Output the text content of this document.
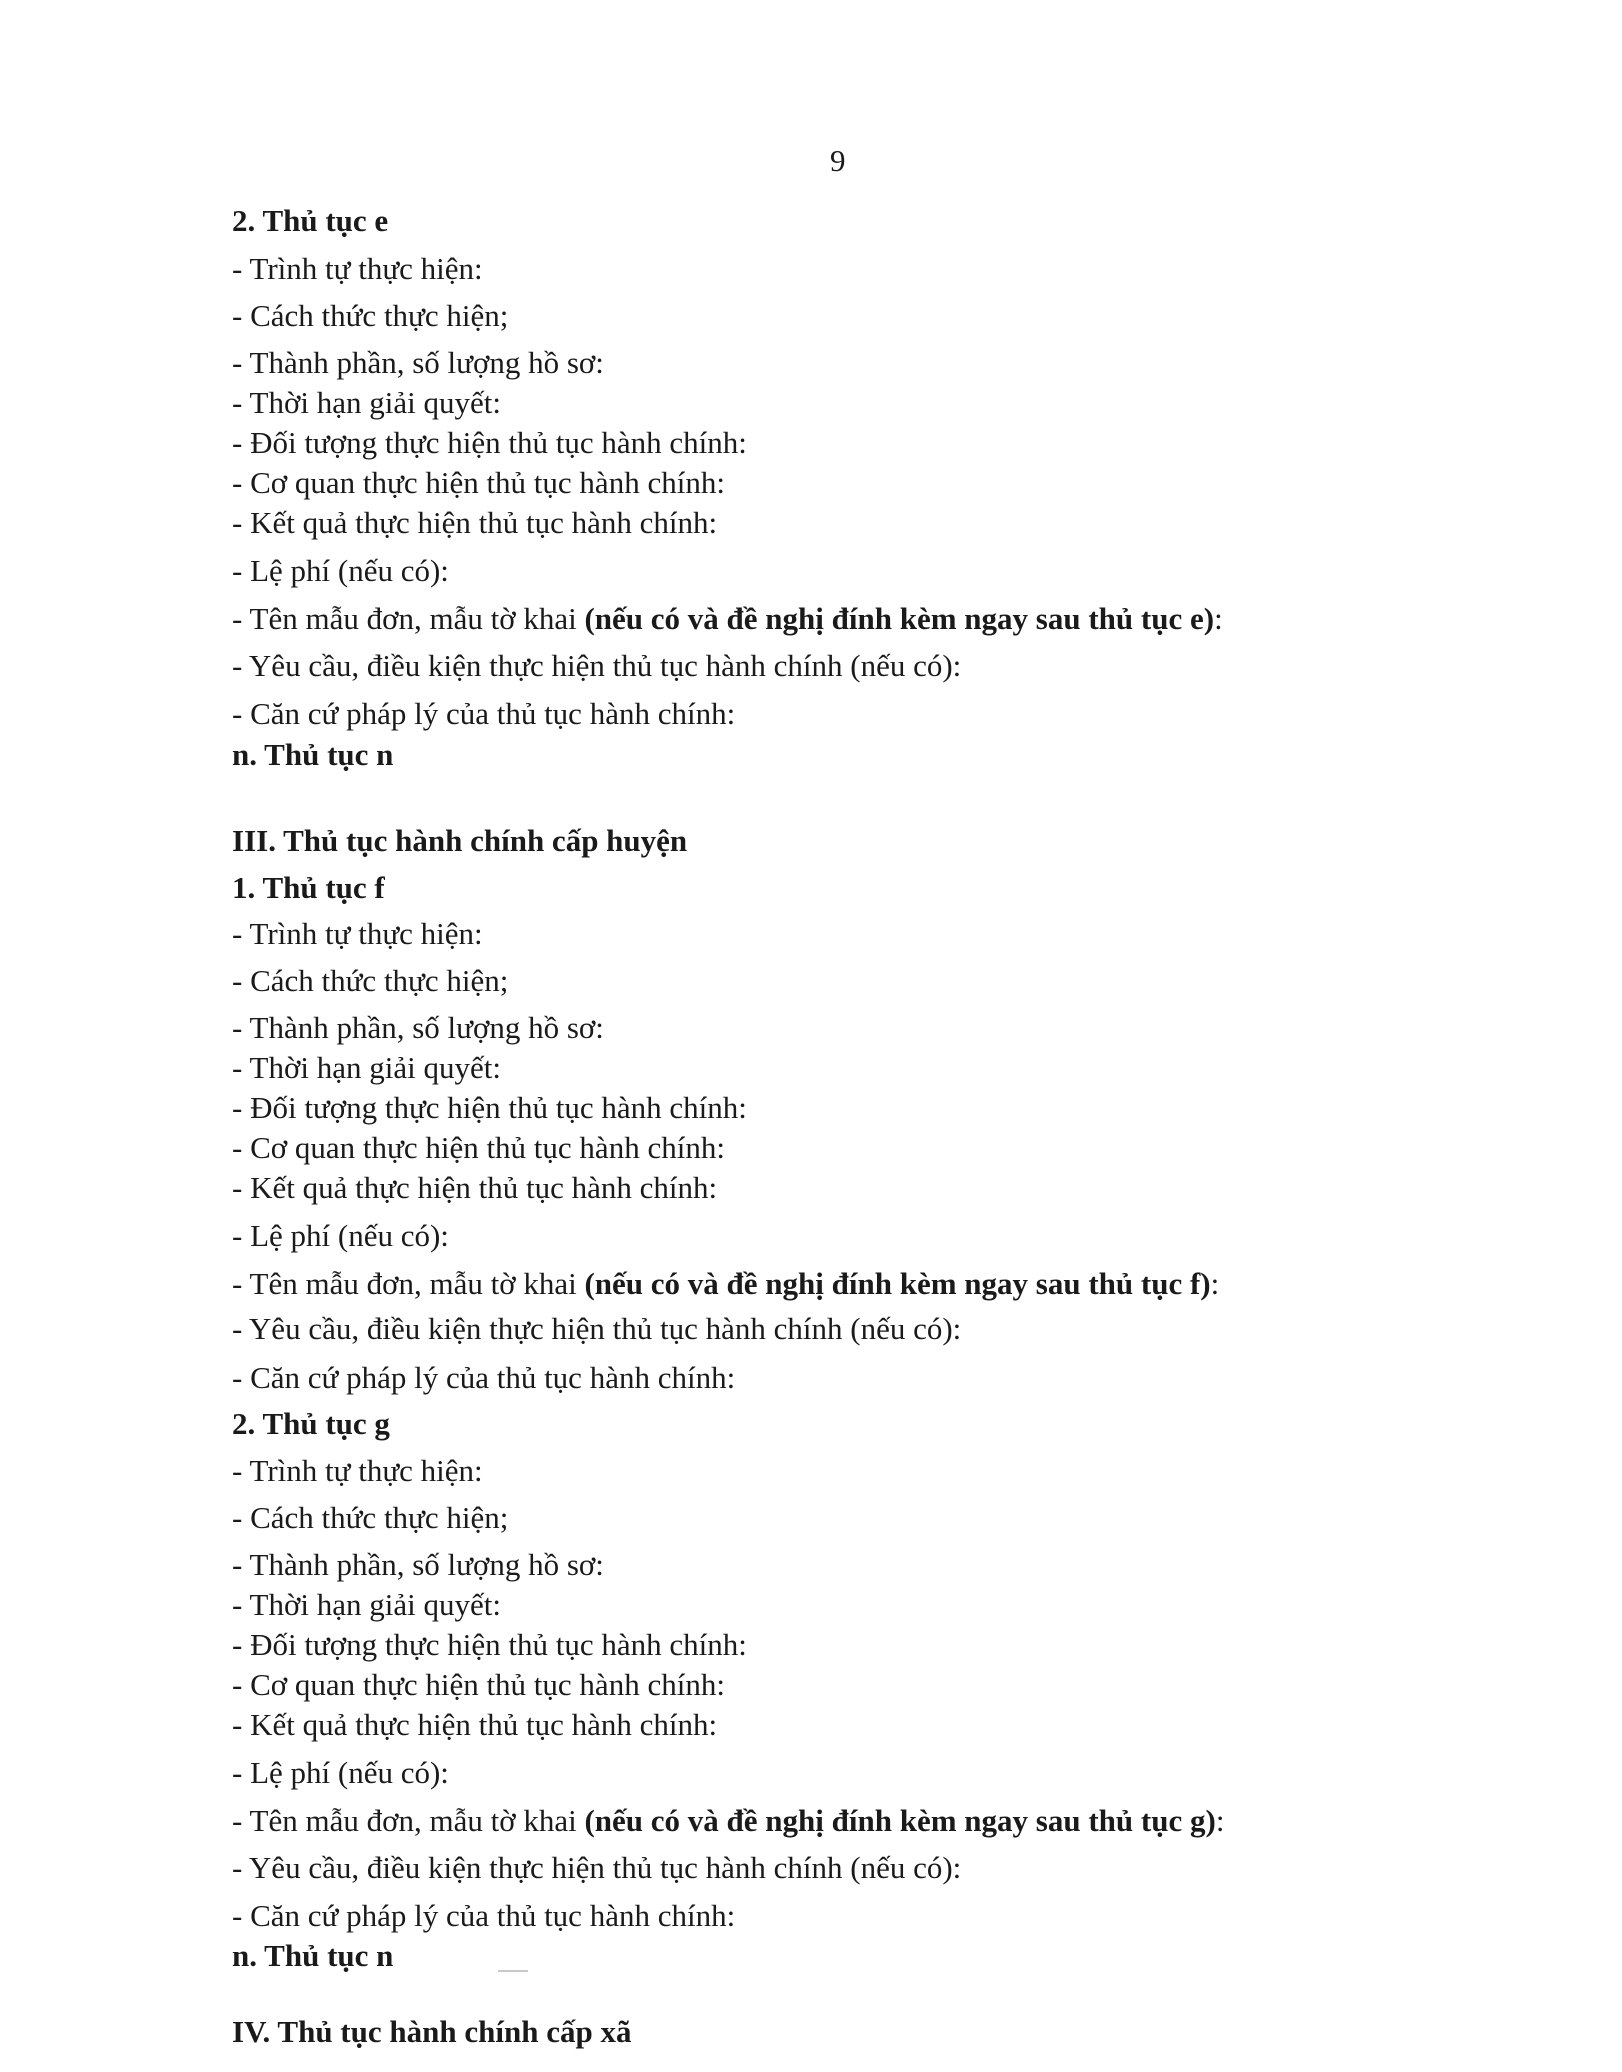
9
2. Thủ tục e
- Trình tự thực hiện:
- Cách thức thực hiện;
- Thành phần, số lượng hồ sơ:
- Thời hạn giải quyết:
- Đối tượng thực hiện thủ tục hành chính:
- Cơ quan thực hiện thủ tục hành chính:
- Kết quả thực hiện thủ tục hành chính:
- Lệ phí (nếu có):
- Tên mẫu đơn, mẫu tờ khai (nếu có và đề nghị đính kèm ngay sau thủ tục e):
- Yêu cầu, điều kiện thực hiện thủ tục hành chính (nếu có):
- Căn cứ pháp lý của thủ tục hành chính:
n. Thủ tục n
III. Thủ tục hành chính cấp huyện
1. Thủ tục f
- Trình tự thực hiện:
- Cách thức thực hiện;
- Thành phần, số lượng hồ sơ:
- Thời hạn giải quyết:
- Đối tượng thực hiện thủ tục hành chính:
- Cơ quan thực hiện thủ tục hành chính:
- Kết quả thực hiện thủ tục hành chính:
- Lệ phí (nếu có):
- Tên mẫu đơn, mẫu tờ khai (nếu có và đề nghị đính kèm ngay sau thủ tục f):
- Yêu cầu, điều kiện thực hiện thủ tục hành chính (nếu có):
- Căn cứ pháp lý của thủ tục hành chính:
2. Thủ tục g
- Trình tự thực hiện:
- Cách thức thực hiện;
- Thành phần, số lượng hồ sơ:
- Thời hạn giải quyết:
- Đối tượng thực hiện thủ tục hành chính:
- Cơ quan thực hiện thủ tục hành chính:
- Kết quả thực hiện thủ tục hành chính:
- Lệ phí (nếu có):
- Tên mẫu đơn, mẫu tờ khai (nếu có và đề nghị đính kèm ngay sau thủ tục g):
- Yêu cầu, điều kiện thực hiện thủ tục hành chính (nếu có):
- Căn cứ pháp lý của thủ tục hành chính:
n. Thủ tục n
IV. Thủ tục hành chính cấp xã
